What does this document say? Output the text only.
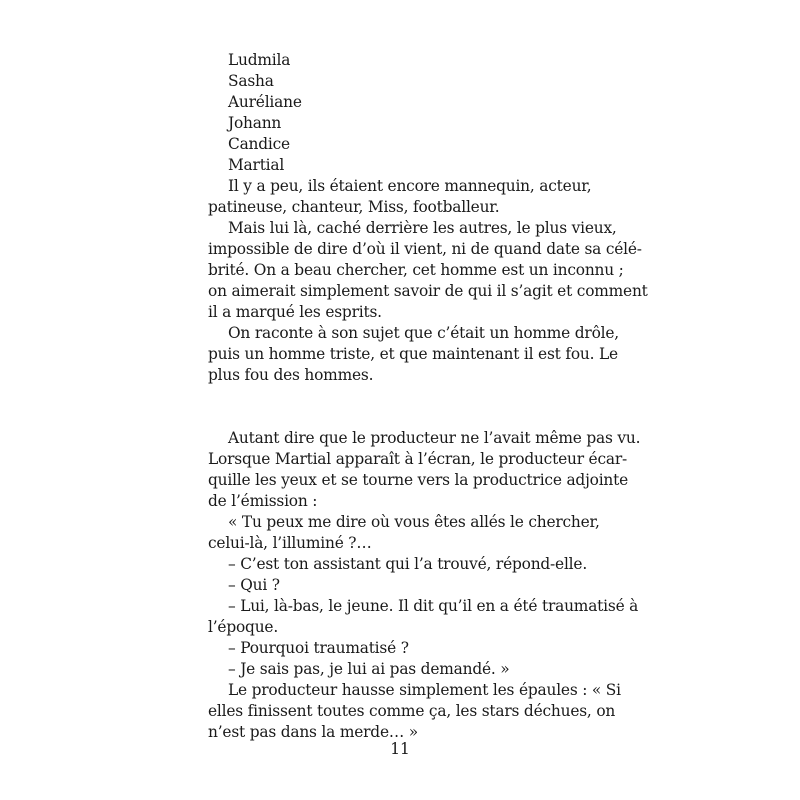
Ludmila
Sasha
Auréliane
Johann
Candice
Martial
Il y a peu, ils étaient encore mannequin, acteur,
patineuse, chanteur, Miss, footballeur.
Mais lui là, caché derrière les autres, le plus vieux,
impossible de dire d’où il vient, ni de quand date sa célé-
brité. On a beau chercher, cet homme est un inconnu ;
on aimerait simplement savoir de qui il s’agit et comment
il a marqué les esprits.
On raconte à son sujet que c’était un homme drôle,
puis un homme triste, et que maintenant il est fou. Le
plus fou des hommes.
Autant dire que le producteur ne l’avait même pas vu.
Lorsque Martial apparaît à l’écran, le producteur écar-
quille les yeux et se tourne vers la productrice adjointe
de l’émission :
« Tu peux me dire où vous êtes allés le chercher,
celui-là, l’illuminé ?…
– C’est ton assistant qui l’a trouvé, répond-elle.
– Qui ?
– Lui, là-bas, le jeune. Il dit qu’il en a été traumatisé à
l’époque.
– Pourquoi traumatisé ?
– Je sais pas, je lui ai pas demandé. »
Le producteur hausse simplement les épaules : « Si
elles finissent toutes comme ça, les stars déchues, on
n’est pas dans la merde… »
11
